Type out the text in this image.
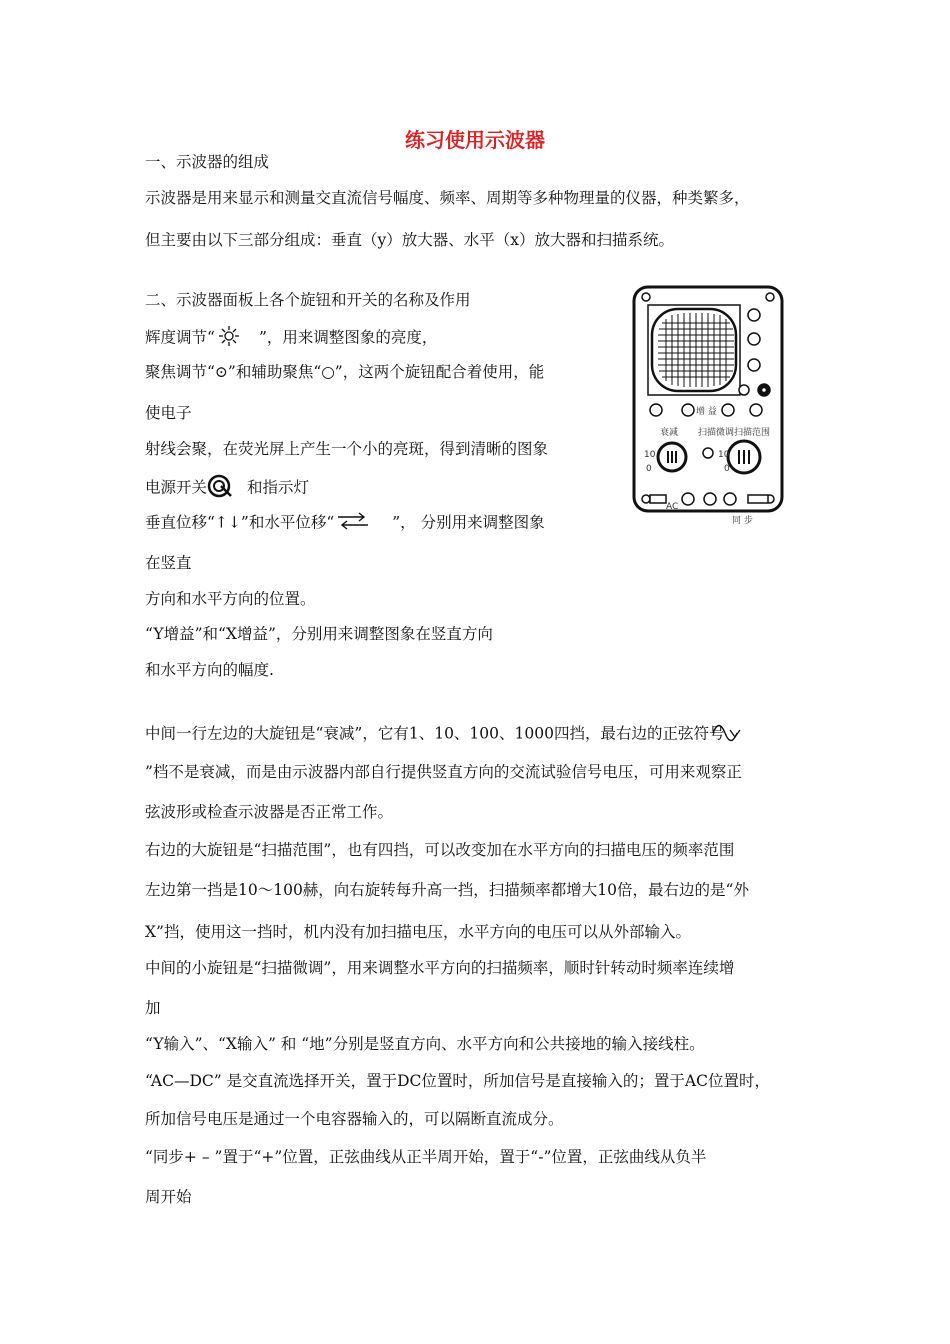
练习使用示波器
一、示波器的组成
示波器是用来显示和测量交直流信号幅度、频率、周期等多种物理量的仪器，种类繁多，
但主要由以下三部分组成：垂直（y）放大器、水平（x）放大器和扫描系统。
二、示波器面板上各个旋钮和开关的名称及作用
辉度调节“	”，用来调整图象的亮度，
聚焦调节“⊙”和辅助聚焦“○”，这两个旋钮配合着使用，能
使电子
射线会聚，在荧光屏上产生一个小的亮斑，得到清晰的图象
电源开关	和指示灯
垂直位移“↑↓”和水平位移“	”， 分别用来调整图象
在竖直
方向和水平方向的位置。
“Y增益”和“X增益”，分别用来调整图象在竖直方向
和水平方向的幅度.
中间一行左边的大旋钮是“衰减”，它有1、10、100、1000四挡，最右边的正弦符号
”档不是衰减，而是由示波器内部自行提供竖直方向的交流试验信号电压，可用来观察正
弦波形或检查示波器是否正常工作。
右边的大旋钮是“扫描范围”，也有四挡，可以改变加在水平方向的扫描电压的频率范围
左边第一挡是10～100赫，向右旋转每升高一挡，扫描频率都增大10倍，最右边的是“外
X”挡，使用这一挡时，机内没有加扫描电压，水平方向的电压可以从外部输入。
中间的小旋钮是“扫描微调”，用来调整水平方向的扫描频率，顺时针转动时频率连续增
加
“Y输入”、“X输入” 和 “地”分别是竖直方向、水平方向和公共接地的输入接线柱。
“AC—DC” 是交直流选择开关，置于DC位置时，所加信号是直接输入的；置于AC位置时，
所加信号电压是通过一个电容器输入的，可以隔断直流成分。
“同步+ – ”置于“+”位置，正弦曲线从正半周开始，置于“-”位置，正弦曲线从负半
周开始
增 益
衰减 扫描微调扫描范围
10
0
10
0
AC
同 步
